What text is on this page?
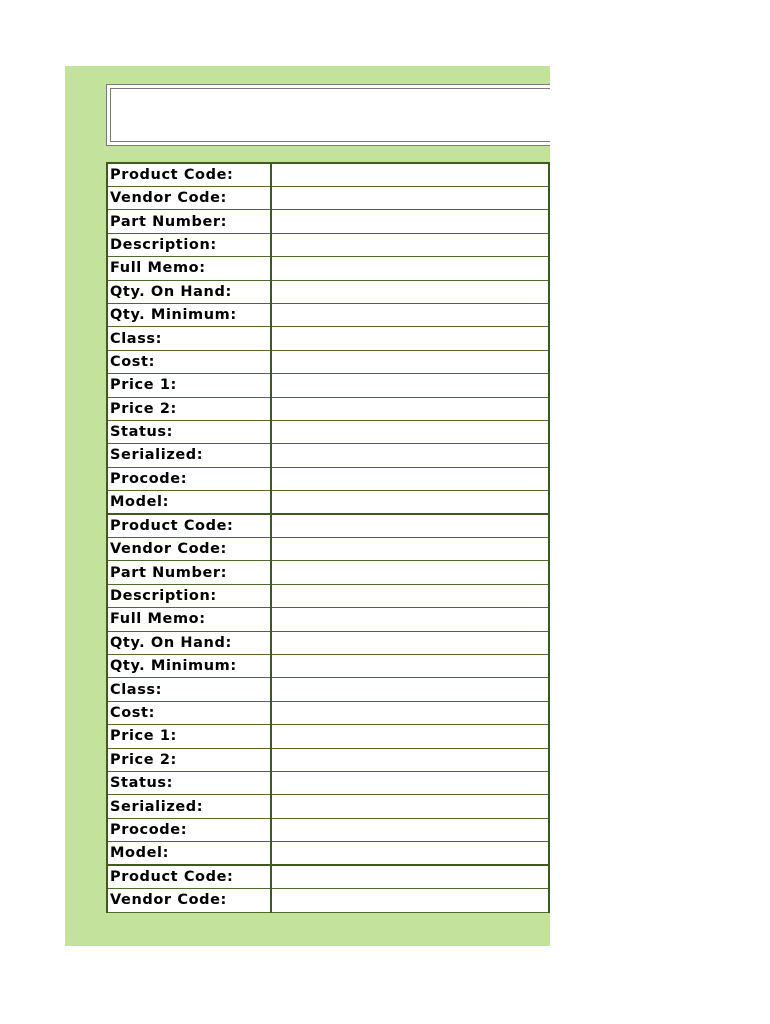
Product Code:	
Vendor Code:	
Part Number:	
Description:	
Full Memo:	
Qty. On Hand:	
Qty. Minimum:	
Class:	
Cost:	
Price 1:	
Price 2:	
Status:	
Serialized:	
Procode:	
Model:	
Product Code:	
Vendor Code:	
Part Number:	
Description:	
Full Memo:	
Qty. On Hand:	
Qty. Minimum:	
Class:	
Cost:	
Price 1:	
Price 2:	
Status:	
Serialized:	
Procode:	
Model:	
Product Code:	
Vendor Code:	
